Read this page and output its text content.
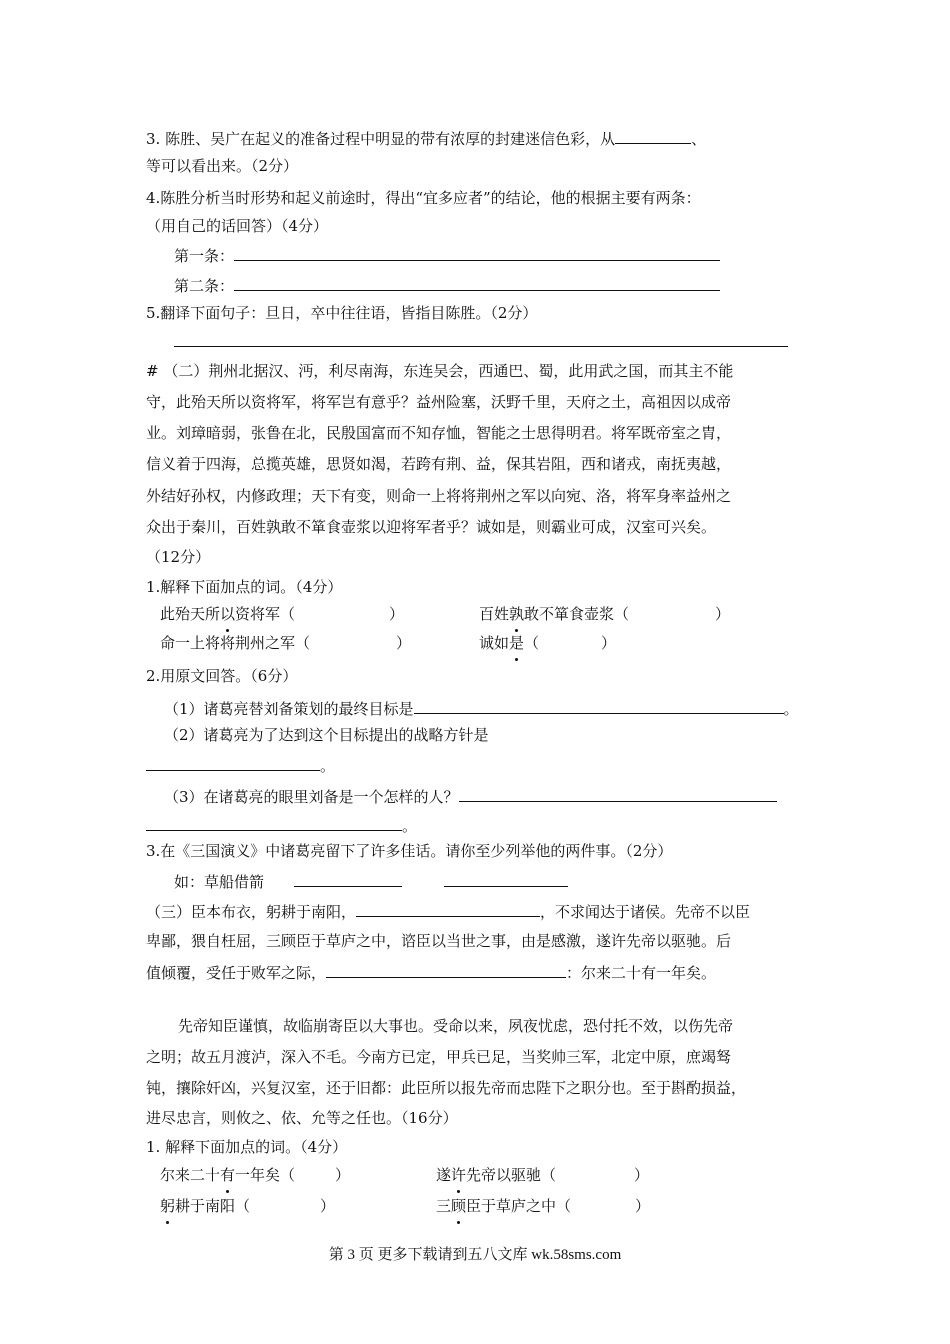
3. 陈胜、吴广在起义的准备过程中明显的带有浓厚的封建迷信色彩，从	、
等可以看出来。（2分）
4.陈胜分析当时形势和起义前途时，得出“宜多应者”的结论，他的根据主要有两条：
（用自己的话回答）（4分）
第一条：
第二条：
5.翻译下面句子：旦日，卒中往往语，皆指目陈胜。（2分）
# （二）荆州北据汉、沔，利尽南海，东连吴会，西通巴、蜀，此用武之国，而其主不能
守，此殆天所以资将军，将军岂有意乎？益州险塞，沃野千里，天府之土，高祖因以成帝
业。刘璋暗弱，张鲁在北，民殷国富而不知存恤，智能之士思得明君。将军既帝室之胄，
信义着于四海，总揽英雄，思贤如渴，若跨有荆、益，保其岩阻，西和诸戎，南抚夷越，
外结好孙权，内修政理；天下有变，则命一上将将荆州之军以向宛、洛，将军身率益州之
众出于秦川，百姓孰敢不箪食壶浆以迎将军者乎？诚如是，则霸业可成，汉室可兴矣。
（12分）
1.解释下面加点的词。（4分）
此殆天所以资将军（	）	百姓孰敢不箪食壶浆（	）
命一上将将荆州之军（	）	诚如是（	）
2.用原文回答。（6分）
（1）诸葛亮替刘备策划的最终目标是	。
（2）诸葛亮为了达到这个目标提出的战略方针是
。
（3）在诸葛亮的眼里刘备是一个怎样的人？
。
3.在《三国演义》中诸葛亮留下了许多佳话。请你至少列举他的两件事。（2分）
如：草船借箭
（三）臣本布衣，躬耕于南阳，	，不求闻达于诸侯。先帝不以臣
卑鄙，猥自枉屈，三顾臣于草庐之中，谘臣以当世之事，由是感激，遂许先帝以驱驰。后
值倾覆，受任于败军之际，	：尔来二十有一年矣。
先帝知臣谨慎，故临崩寄臣以大事也。受命以来，夙夜忧虑，恐付托不效，以伤先帝
之明；故五月渡泸，深入不毛。今南方已定，甲兵已足，当奖帅三军，北定中原，庶竭驽
钝，攘除奸凶，兴复汉室，还于旧都：此臣所以报先帝而忠陛下之职分也。至于斟酌损益，
进尽忠言，则攸之、依、允等之任也。（16分）
1. 解释下面加点的词。（4分）
尔来二十有一年矣（	）	遂许先帝以驱驰（	）
躬耕于南阳（	）	三顾臣于草庐之中（	）
第 3 页 更多下载请到五八文库 wk.58sms.com
